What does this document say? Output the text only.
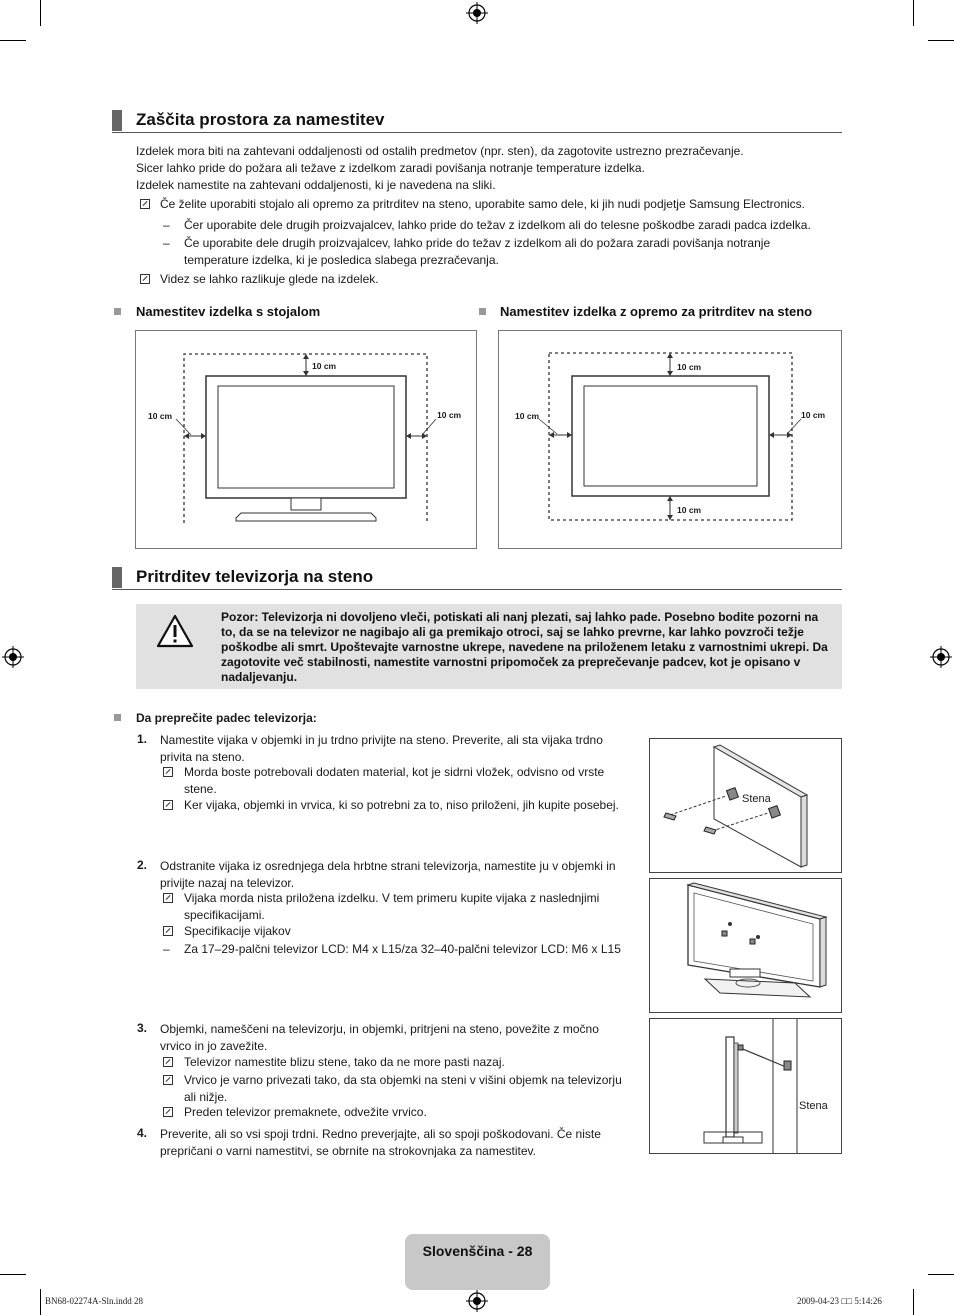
Zaščita prostora za namestitev
Izdelek mora biti na zahtevani oddaljenosti od ostalih predmetov (npr. sten), da zagotovite ustrezno prezračevanje.
Sicer lahko pride do požara ali težave z izdelkom zaradi povišanja notranje temperature izdelka.
Izdelek namestite na zahtevani oddaljenosti, ki je navedena na sliki.
Če želite uporabiti stojalo ali opremo za pritrditev na steno, uporabite samo dele, ki jih nudi podjetje Samsung Electronics.
– Čer uporabite dele drugih proizvajalcev, lahko pride do težav z izdelkom ali do telesne poškodbe zaradi padca izdelka.
– Če uporabite dele drugih proizvajalcev, lahko pride do težav z izdelkom ali do požara zaradi povišanja notranje temperature izdelka, ki je posledica slabega prezračevanja.
Videz se lahko razlikuje glede na izdelek.
Namestitev izdelka s stojalom	Namestitev izdelka z opremo za pritrditev na steno
10 cm
10 cm	10 cm
10 cm
10 cm
10 cm	10 cm
Pritrditev televizorja na steno
Pozor: Televizorja ni dovoljeno vleči, potiskati ali nanj plezati, saj lahko pade. Posebno bodite pozorni na to, da se na televizor ne nagibajo ali ga premikajo otroci, saj se lahko prevrne, kar lahko povzroči težje poškodbe ali smrt. Upoštevajte varnostne ukrepe, navedene na priloženem letaku z varnostnimi ukrepi. Da zagotovite več stabilnosti, namestite varnostni pripomoček za preprečevanje padcev, kot je opisano v nadaljevanju.
Da preprečite padec televizorja:
1. Namestite vijaka v objemki in ju trdno privijte na steno. Preverite, ali sta vijaka trdno privita na steno.
Morda boste potrebovali dodaten material, kot je sidrni vložek, odvisno od vrste stene.
Ker vijaka, objemki in vrvica, ki so potrebni za to, niso priloženi, jih kupite posebej.
2. Odstranite vijaka iz osrednjega dela hrbtne strani televizorja, namestite ju v objemki in privijte nazaj na televizor.
Vijaka morda nista priložena izdelku. V tem primeru kupite vijaka z naslednjimi specifikacijami.
Specifikacije vijakov
– Za 17–29-palčni televizor LCD: M4 x L15/za 32–40-palčni televizor LCD: M6 x L15
3. Objemki, nameščeni na televizorju, in objemki, pritrjeni na steno, povežite z močno vrvico in jo zavežite.
Televizor namestite blizu stene, tako da ne more pasti nazaj.
Vrvico je varno privezati tako, da sta objemki na steni v višini objemk na televizorju ali nižje.
Preden televizor premaknete, odvežite vrvico.
4. Preverite, ali so vsi spoji trdni. Redno preverjajte, ali so spoji poškodovani. Če niste prepričani o varni namestitvi, se obrnite na strokovnjaka za namestitev.
Stena
Stena
Slovenščina - 28
BN68-02274A-Sln.indd 28	2009-04-23 □□ 5:14:26
